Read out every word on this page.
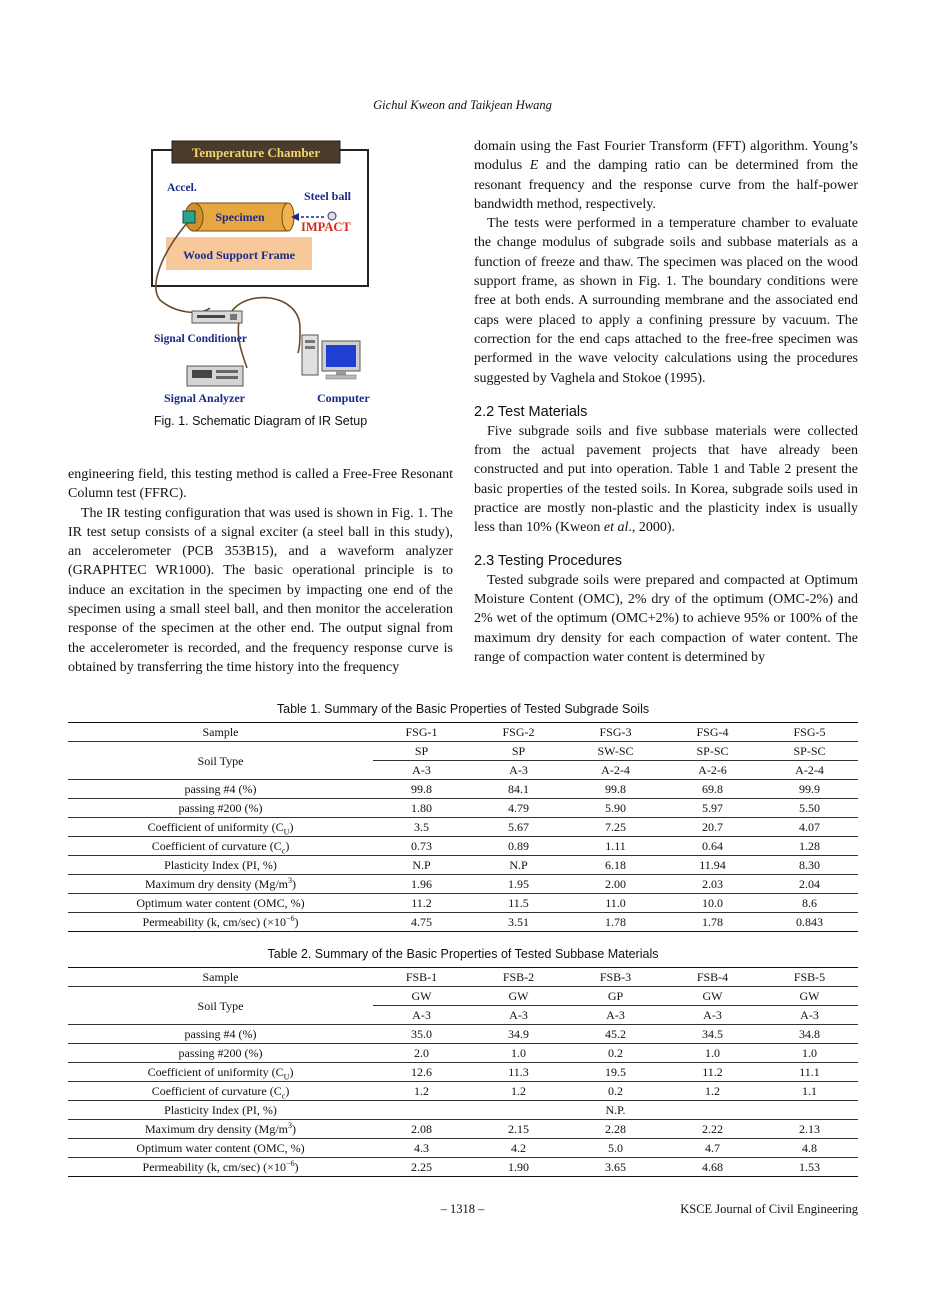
Gichul Kweon and Taikjean Hwang
Temperature Chamber
Accel.
Specimen
Steel ball
IMPACT
Wood Support Frame
Signal Conditioner
Computer
Signal Analyzer
Fig. 1. Schematic Diagram of IR Setup

engineering field, this testing method is called a Free-Free Resonant Column test (FFRC).

The IR testing configuration that was used is shown in Fig. 1. The IR test setup consists of a signal exciter (a steel ball in this study), an accelerometer (PCB 353B15), and a waveform analyzer (GRAPHTEC WR1000). The basic operational principle is to induce an excitation in the specimen by impacting one end of the specimen using a small steel ball, and then monitor the acceleration response of the specimen at the other end. The output signal from the accelerometer is recorded, and the frequency response curve is obtained by transferring the time history into the frequency

domain using the Fast Fourier Transform (FFT) algorithm. Young’s modulus E and the damping ratio can be determined from the resonant frequency and the response curve from the half-power bandwidth method, respectively.

The tests were performed in a temperature chamber to evaluate the change modulus of subgrade soils and subbase materials as a function of freeze and thaw. The specimen was placed on the wood support frame, as shown in Fig. 1. The boundary conditions were free at both ends. A surrounding membrane and the associated end caps were placed to apply a confining pressure by vacuum. The correction for the end caps attached to the free-free specimen was performed in the wave velocity calculations using the procedures suggested by Vaghela and Stokoe (1995).

2.2 Test Materials

Five subgrade soils and five subbase materials were collected from the actual pavement projects that have already been constructed and put into operation. Table 1 and Table 2 present the basic properties of the tested soils. In Korea, subgrade soils used in practice are mostly non-plastic and the plasticity index is usually less than 10% (Kweon et al., 2000).

2.3 Testing Procedures

Tested subgrade soils were prepared and compacted at Optimum Moisture Content (OMC), 2% dry of the optimum (OMC-2%) and 2% wet of the optimum (OMC+2%) to achieve 95% or 100% of the maximum dry density for each compaction of water content. The range of compaction water content is determined by

Table 1. Summary of the Basic Properties of Tested Subgrade Soils
Sample	FSG-1	FSG-2	FSG-3	FSG-4	FSG-5
Soil Type	SP	SP	SW-SC	SP-SC	SP-SC
	A-3	A-3	A-2-4	A-2-6	A-2-4
passing #4 (%)	99.8	84.1	99.8	69.8	99.9
passing #200 (%)	1.80	4.79	5.90	5.97	5.50
Coefficient of uniformity $(C_U)$	3.5	5.67	7.25	20.7	4.07
Coefficient of curvature $(C_c)$	0.73	0.89	1.11	0.64	1.28
Plasticity Index (PI, %)	N.P	N.P	6.18	11.94	8.30
Maximum dry density $(Mg/m^3)$	1.96	1.95	2.00	2.03	2.04
Optimum water content (OMC, %)	11.2	11.5	11.0	10.0	8.6
Permeability (k, cm/sec) $(\times 10^{-6})$	4.75	3.51	1.78	1.78	0.843
Table 2. Summary of the Basic Properties of Tested Subbase Materials
Sample	FSB-1	FSB-2	FSB-3	FSB-4	FSB-5
Soil Type	GW	GW	GP	GW	GW
	A-3	A-3	A-3	A-3	A-3
passing #4 (%)	35.0	34.9	45.2	34.5	34.8
passing #200 (%)	2.0	1.0	0.2	1.0	1.0
Coefficient of uniformity $(C_U)$	12.6	11.3	19.5	11.2	11.1
Coefficient of curvature $(C_c)$	1.2	1.2	0.2	1.2	1.1
Plasticity Index (PI, %)	N.P.				
Maximum dry density $(Mg/m^3)$	2.08	2.15	2.28	2.22	2.13
Optimum water content (OMC, %)	4.3	4.2	5.0	4.7	4.8
Permeability (k, cm/sec) $(\times 10^{-6})$	2.25	1.90	3.65	4.68	1.53
– 1318 –	KSCE Journal of Civil Engineering
